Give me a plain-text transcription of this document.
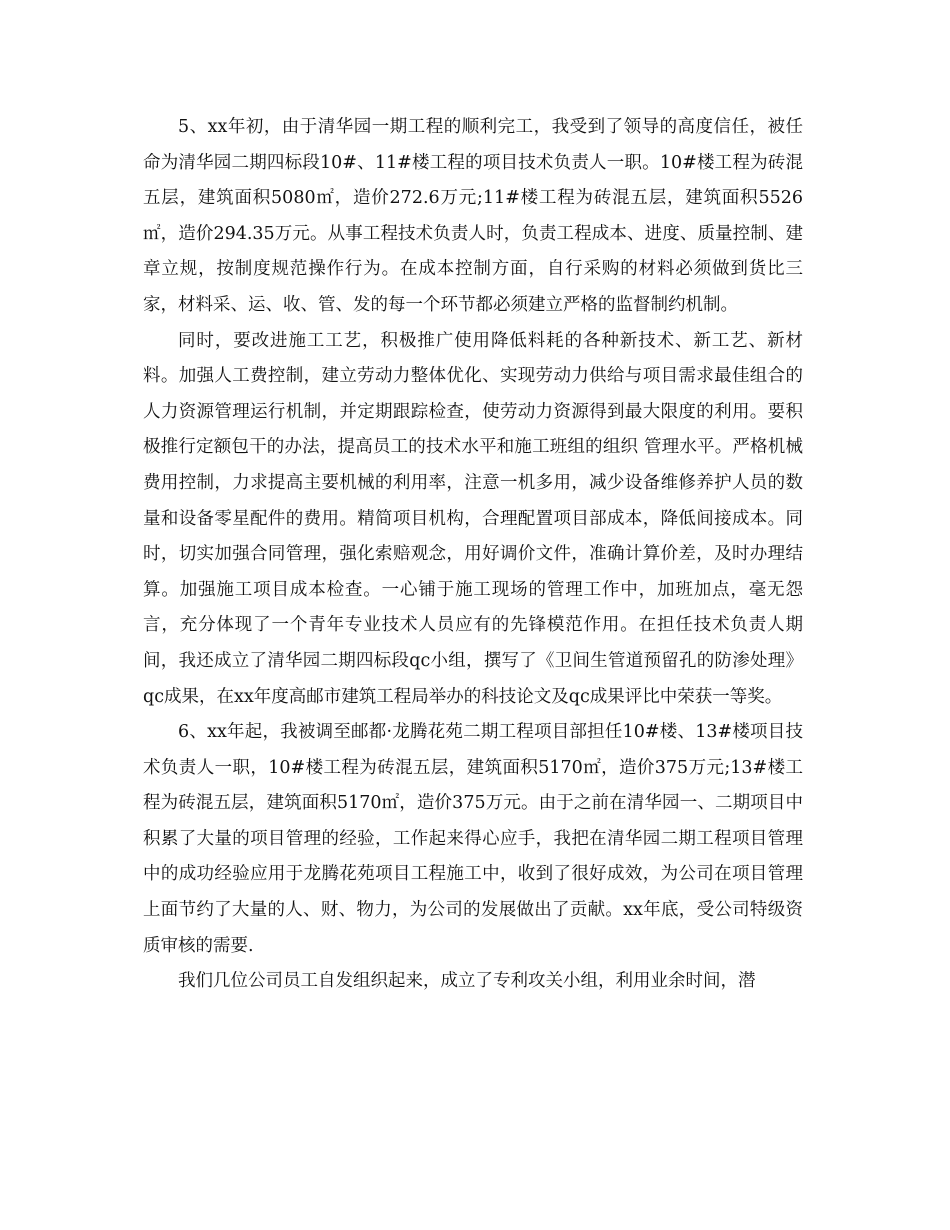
5、xx年初，由于清华园一期工程的顺利完工，我受到了领导的高度信任，被任命为清华园二期四标段10#、11#楼工程的项目技术负责人一职。10#楼工程为砖混五层，建筑面积5080㎡，造价272.6万元;11#楼工程为砖混五层，建筑面积5526㎡，造价294.35万元。从事工程技术负责人时，负责工程成本、进度、质量控制、建章立规，按制度规范操作行为。在成本控制方面，自行采购的材料必须做到货比三家，材料采、运、收、管、发的每一个环节都必须建立严格的监督制约机制。

同时，要改进施工工艺，积极推广使用降低料耗的各种新技术、新工艺、新材料。加强人工费控制，建立劳动力整体优化、实现劳动力供给与项目需求最佳组合的人力资源管理运行机制，并定期跟踪检查，使劳动力资源得到最大限度的利用。要积极推行定额包干的办法，提高员工的技术水平和施工班组的组织 管理水平。严格机械费用控制，力求提高主要机械的利用率，注意一机多用，减少设备维修养护人员的数量和设备零星配件的费用。精简项目机构，合理配置项目部成本，降低间接成本。同时，切实加强合同管理，强化索赔观念，用好调价文件，准确计算价差，及时办理结算。加强施工项目成本检查。一心铺于施工现场的管理工作中，加班加点，毫无怨言，充分体现了一个青年专业技术人员应有的先锋模范作用。在担任技术负责人期间，我还成立了清华园二期四标段qc小组，撰写了《卫间生管道预留孔的防渗处理》qc成果，在xx年度高邮市建筑工程局举办的科技论文及qc成果评比中荣获一等奖。

6、xx年起，我被调至邮都·龙腾花苑二期工程项目部担任10#楼、13#楼项目技术负责人一职，10#楼工程为砖混五层，建筑面积5170㎡，造价375万元;13#楼工程为砖混五层，建筑面积5170㎡，造价375万元。由于之前在清华园一、二期项目中积累了大量的项目管理的经验，工作起来得心应手，我把在清华园二期工程项目管理中的成功经验应用于龙腾花苑项目工程施工中，收到了很好成效，为公司在项目管理上面节约了大量的人、财、物力，为公司的发展做出了贡献。xx年底，受公司特级资质审核的需要.

我们几位公司员工自发组织起来，成立了专利攻关小组，利用业余时间，潜
